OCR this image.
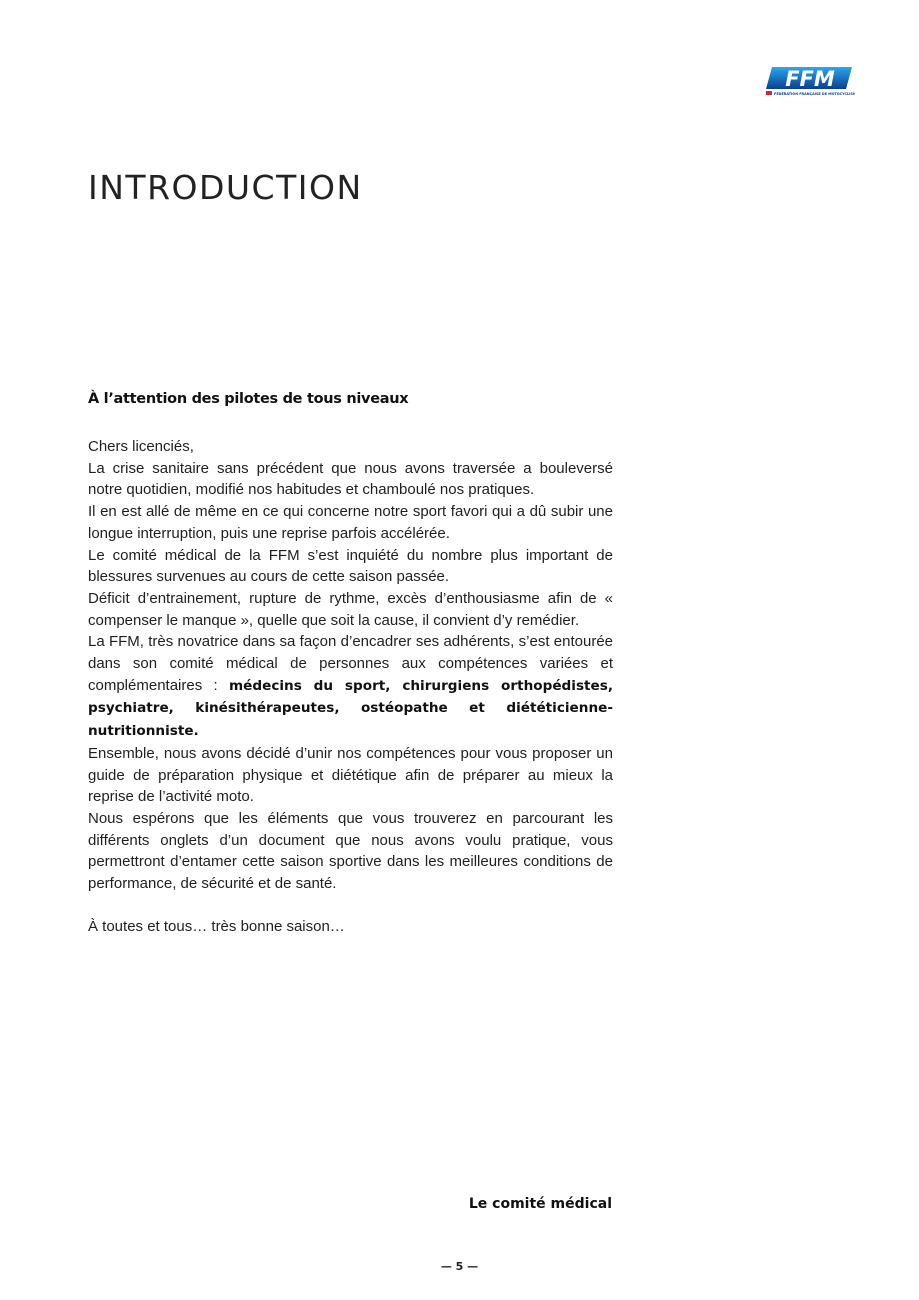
FFM
FÉDÉRATION FRANÇAISE DE MOTOCYCLISME
INTRODUCTION
À l’attention des pilotes de tous niveaux

Chers licenciés,

La crise sanitaire sans précédent que nous avons traversée a bouleversé notre quotidien, modifié nos habitudes et chamboulé nos pratiques.

Il en est allé de même en ce qui concerne notre sport favori qui a dû subir une longue interruption, puis une reprise parfois accélérée.

Le comité médical de la FFM s’est inquiété du nombre plus important de blessures survenues au cours de cette saison passée.

Déficit d’entrainement, rupture de rythme, excès d’enthousiasme afin de « compenser le manque », quelle que soit la cause, il convient d’y remédier.

La FFM, très novatrice dans sa façon d’encadrer ses adhérents, s’est entourée dans son comité médical de personnes aux compétences variées et complémentaires : médecins du sport, chirurgiens orthopédistes, psychiatre, kinésithérapeutes, ostéopathe et diététicienne-nutritionniste.

Ensemble, nous avons décidé d’unir nos compétences pour vous proposer un guide de préparation physique et diététique afin de préparer au mieux la reprise de l’activité moto.

Nous espérons que les éléments que vous trouverez en parcourant les différents onglets d’un document que nous avons voulu pratique, vous permettront d’entamer cette saison sportive dans les meilleures conditions de performance, de sécurité et de santé.

À toutes et tous… très bonne saison…

Le comité médical

— 5 —
